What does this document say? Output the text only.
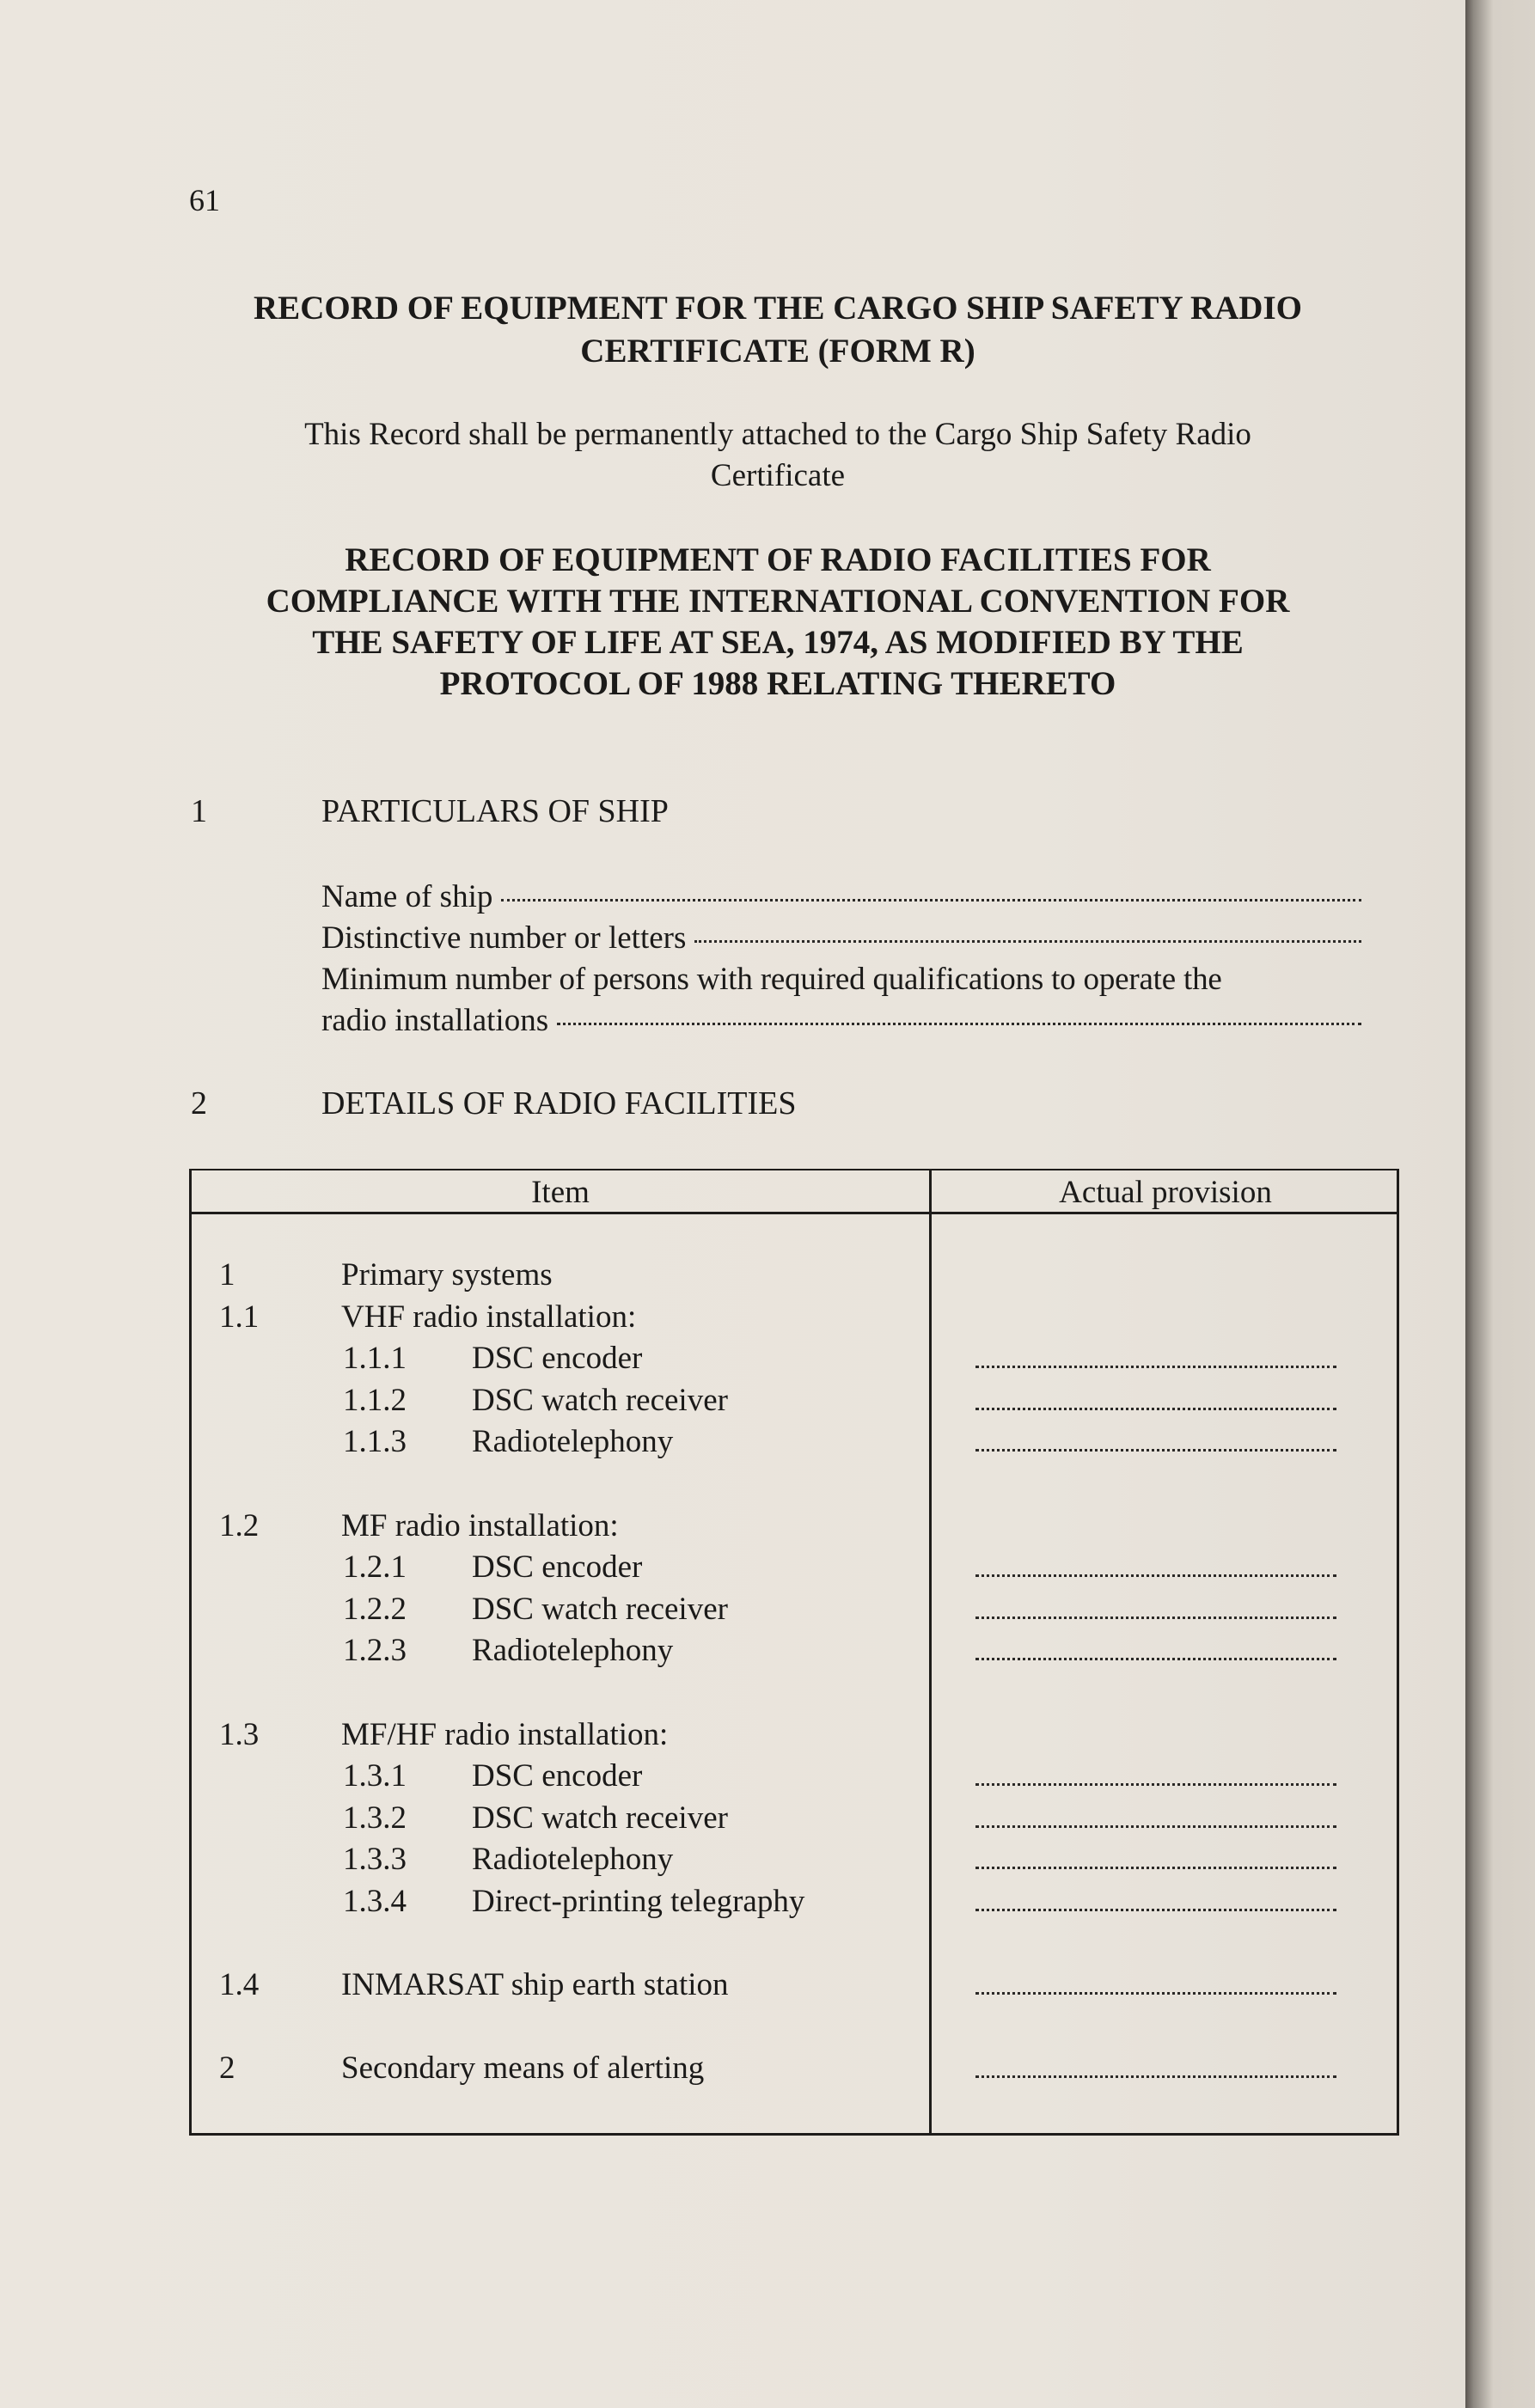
61
RECORD OF EQUIPMENT FOR THE CARGO SHIP SAFETY RADIO
CERTIFICATE (FORM R)
This Record shall be permanently attached to the Cargo Ship Safety Radio
Certificate
RECORD OF EQUIPMENT OF RADIO FACILITIES FOR
COMPLIANCE WITH THE INTERNATIONAL CONVENTION FOR
THE SAFETY OF LIFE AT SEA, 1974, AS MODIFIED BY THE
PROTOCOL OF 1988 RELATING THERETO
1	PARTICULARS OF SHIP
Name of ship
Distinctive number or letters
Minimum number of persons with required qualifications to operate the
radio installations
2	DETAILS OF RADIO FACILITIES
Item	Actual provision
1	Primary systems
1.1	VHF radio installation:
1.1.1 DSC encoder
1.1.2 DSC watch receiver
1.1.3 Radiotelephony
1.2	MF radio installation:
1.2.1 DSC encoder
1.2.2 DSC watch receiver
1.2.3 Radiotelephony
1.3	MF/HF radio installation:
1.3.1 DSC encoder
1.3.2 DSC watch receiver
1.3.3 Radiotelephony
1.3.4 Direct-printing telegraphy
1.4	INMARSAT ship earth station
2	Secondary means of alerting
